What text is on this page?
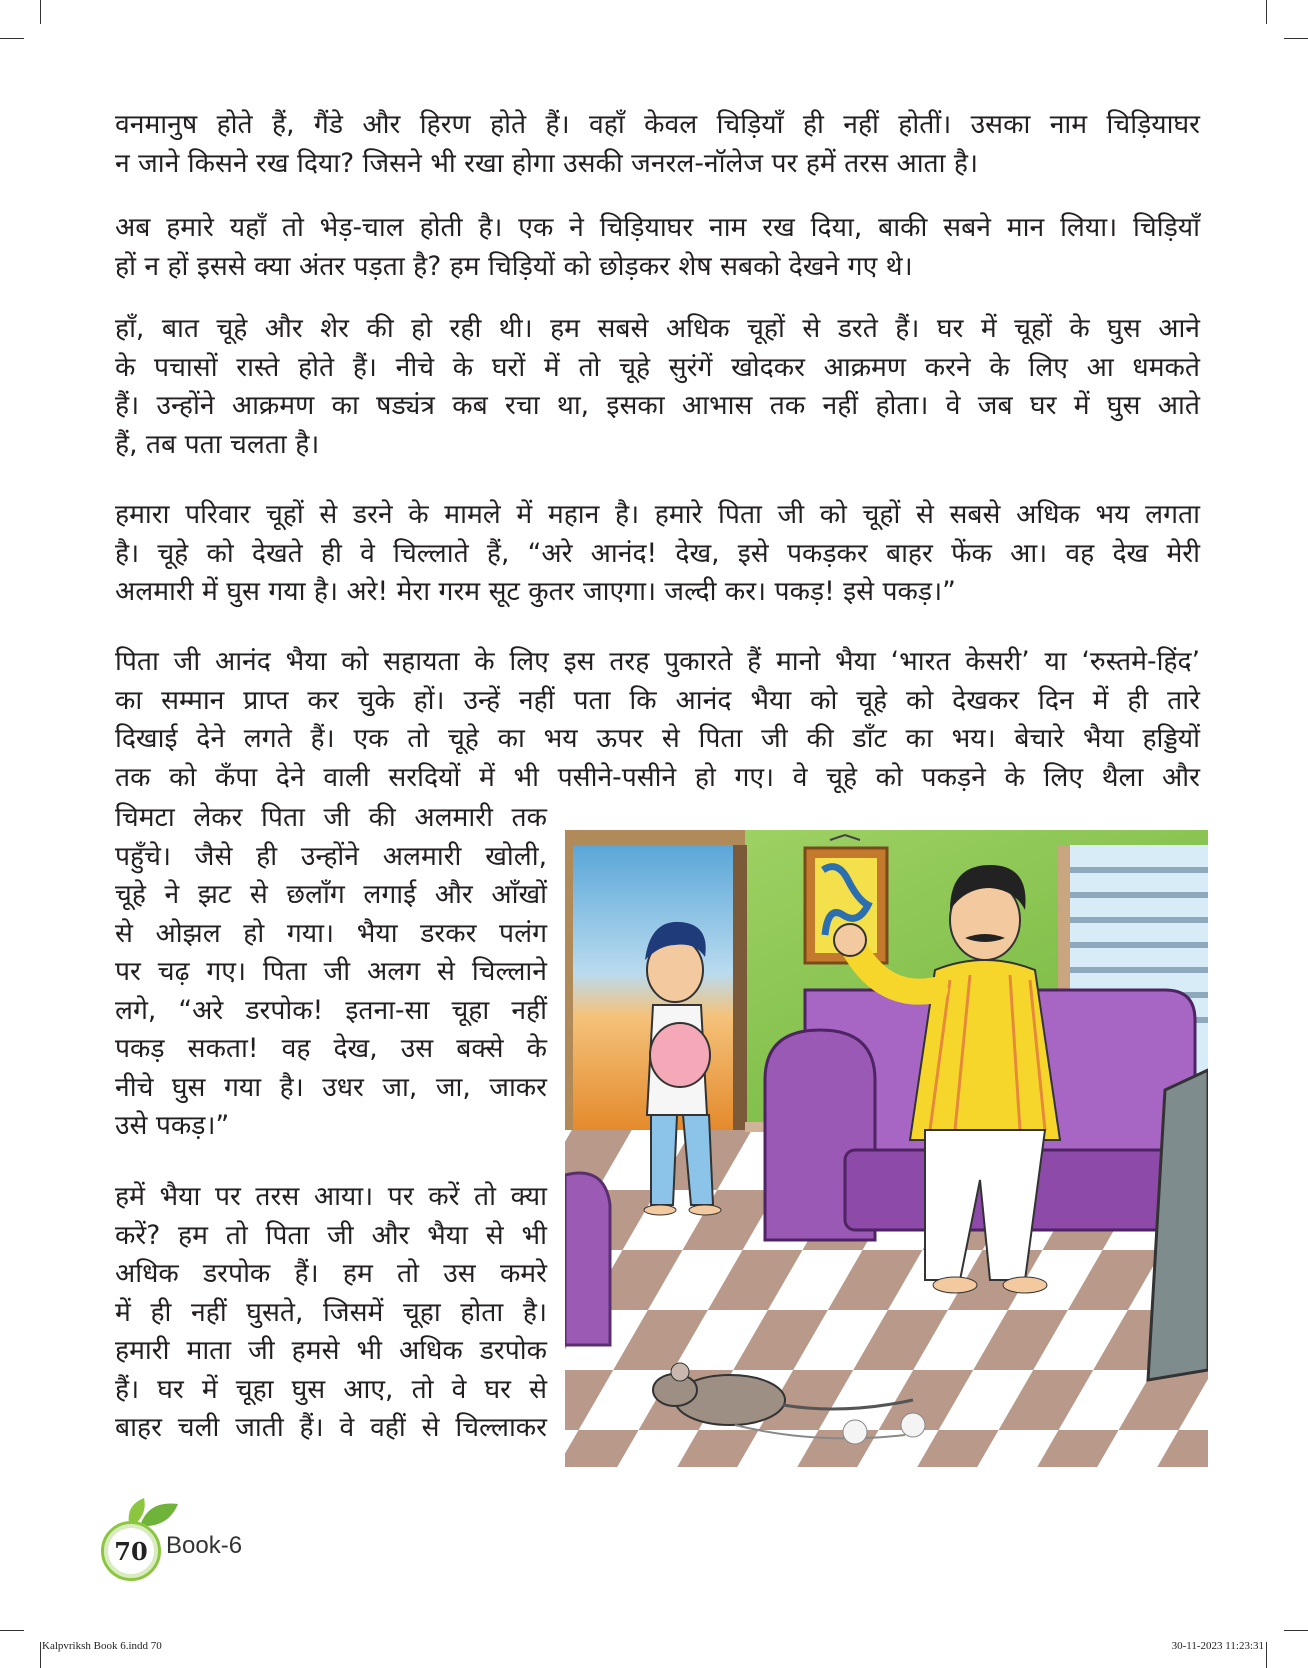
वनमानुष होते हैं, गैंडे और हिरण होते हैं। वहाँ केवल चिड़ियाँ ही नहीं होतीं। उसका नाम चिड़ियाघर
न जाने किसने रख दिया? जिसने भी रखा होगा उसकी जनरल-नॉलेज पर हमें तरस आता है।
अब हमारे यहाँ तो भेड़-चाल होती है। एक ने चिड़ियाघर नाम रख दिया, बाकी सबने मान लिया। चिड़ियाँ
हों न हों इससे क्या अंतर पड़ता है? हम चिड़ियों को छोड़कर शेष सबको देखने गए थे।
हाँ, बात चूहे और शेर की हो रही थी। हम सबसे अधिक चूहों से डरते हैं। घर में चूहों के घुस आने
के पचासों रास्ते होते हैं। नीचे के घरों में तो चूहे सुरंगें खोदकर आक्रमण करने के लिए आ धमकते
हैं। उन्होंने आक्रमण का षड्यंत्र कब रचा था, इसका आभास तक नहीं होता। वे जब घर में घुस आते
हैं, तब पता चलता है।
हमारा परिवार चूहों से डरने के मामले में महान है। हमारे पिता जी को चूहों से सबसे अधिक भय लगता
है। चूहे को देखते ही वे चिल्लाते हैं, “अरे आनंद! देख, इसे पकड़कर बाहर फेंक आ। वह देख मेरी
अलमारी में घुस गया है। अरे! मेरा गरम सूट कुतर जाएगा। जल्दी कर। पकड़! इसे पकड़।”
पिता जी आनंद भैया को सहायता के लिए इस तरह पुकारते हैं मानो भैया ‘भारत केसरी’ या ‘रुस्तमे-हिंद’
का सम्मान प्राप्त कर चुके हों। उन्हें नहीं पता कि आनंद भैया को चूहे को देखकर दिन में ही तारे
दिखाई देने लगते हैं। एक तो चूहे का भय ऊपर से पिता जी की डाँट का भय। बेचारे भैया हड्डियों
तक को कँपा देने वाली सरदियों में भी पसीने-पसीने हो गए। वे चूहे को पकड़ने के लिए थैला और
चिमटा लेकर पिता जी की अलमारी तक
पहुँचे। जैसे ही उन्होंने अलमारी खोली,
चूहे ने झट से छलाँग लगाई और आँखों
से ओझल हो गया। भैया डरकर पलंग
पर चढ़ गए। पिता जी अलग से चिल्लाने
लगे, “अरे डरपोक! इतना-सा चूहा नहीं
पकड़ सकता! वह देख, उस बक्से के
नीचे घुस गया है। उधर जा, जा, जाकर
उसे पकड़।”
हमें भैया पर तरस आया। पर करें तो क्या
करें? हम तो पिता जी और भैया से भी
अधिक डरपोक हैं। हम तो उस कमरे
में ही नहीं घुसते, जिसमें चूहा होता है।
हमारी माता जी हमसे भी अधिक डरपोक
हैं। घर में चूहा घुस आए, तो वे घर से
बाहर चली जाती हैं। वे वहीं से चिल्लाकर
70 Book-6
Kalpvriksh Book 6.indd 70	30-11-2023 11:23:31
